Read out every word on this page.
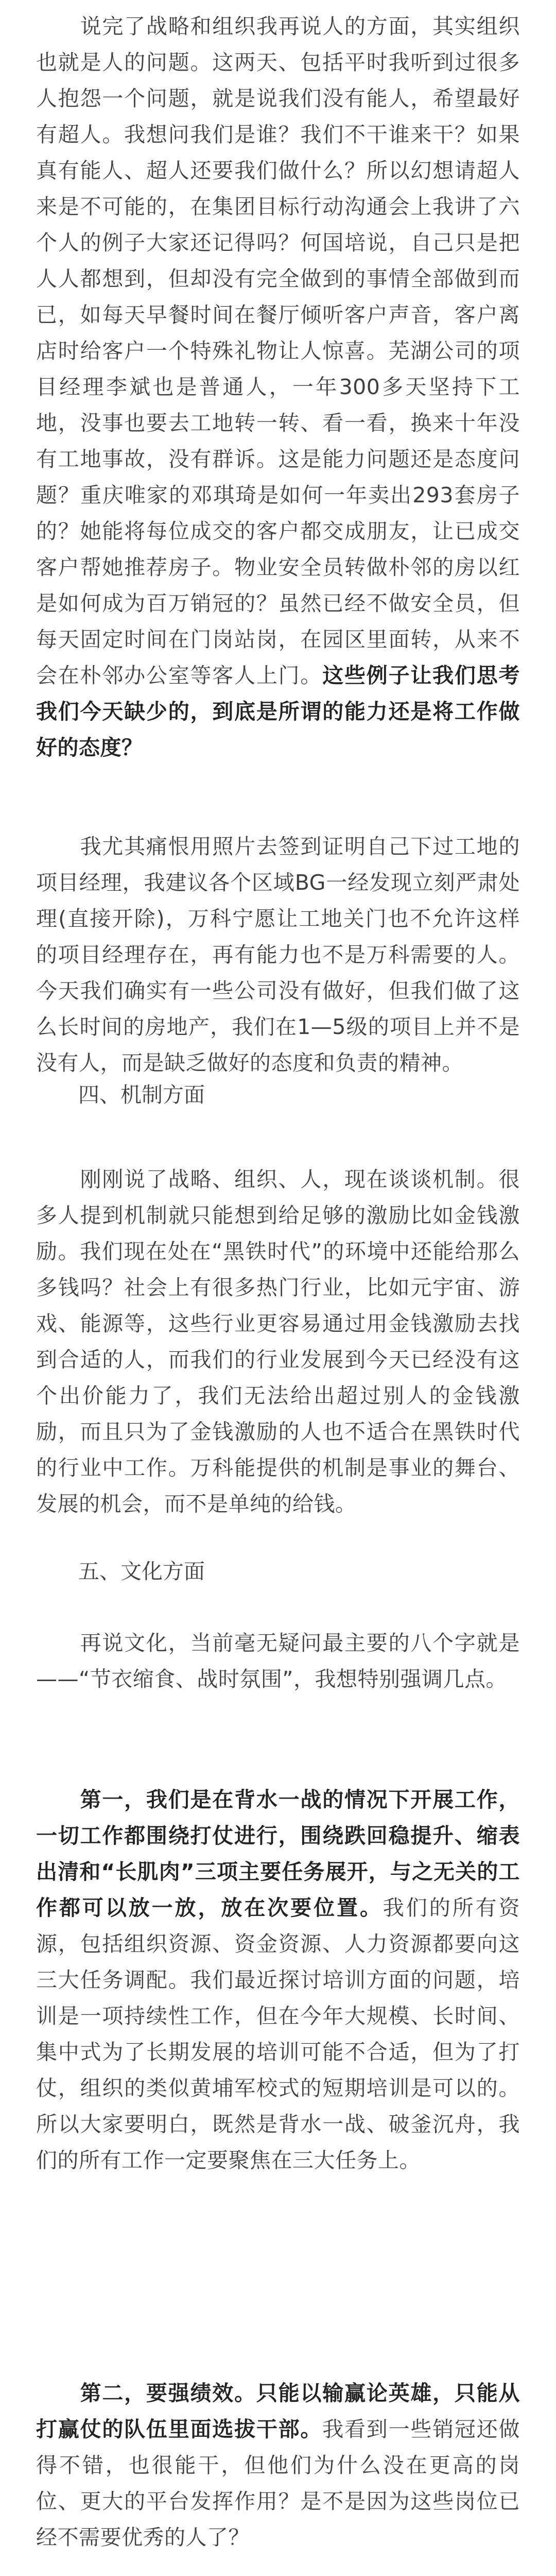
　　说完了战略和组织我再说人的方面，其实组织也就是人的问题。这两天、包括平时我听到过很多人抱怨一个问题，就是说我们没有能人，希望最好有超人。我想问我们是谁？我们不干谁来干？如果真有能人、超人还要我们做什么？所以幻想请超人来是不可能的，在集团目标行动沟通会上我讲了六个人的例子大家还记得吗？何国培说，自己只是把人人都想到，但却没有完全做到的事情全部做到而已，如每天早餐时间在餐厅倾听客户声音，客户离店时给客户一个特殊礼物让人惊喜。芜湖公司的项目经理李斌也是普通人，一年300多天坚持下工地，没事也要去工地转一转、看一看，换来十年没有工地事故，没有群诉。这是能力问题还是态度问题？重庆唯家的邓琪琦是如何一年卖出293套房子的？她能将每位成交的客户都交成朋友，让已成交客户帮她推荐房子。物业安全员转做朴邻的房以红是如何成为百万销冠的？虽然已经不做安全员，但每天固定时间在门岗站岗，在园区里面转，从来不会在朴邻办公室等客人上门。这些例子让我们思考我们今天缺少的，到底是所谓的能力还是将工作做好的态度？

　　我尤其痛恨用照片去签到证明自己下过工地的项目经理，我建议各个区域BG一经发现立刻严肃处理(直接开除)，万科宁愿让工地关门也不允许这样的项目经理存在，再有能力也不是万科需要的人。今天我们确实有一些公司没有做好，但我们做了这么长时间的房地产，我们在1—5级的项目上并不是没有人，而是缺乏做好的态度和负责的精神。

　　四、机制方面

　　刚刚说了战略、组织、人，现在谈谈机制。很多人提到机制就只能想到给足够的激励比如金钱激励。我们现在处在“黑铁时代”的环境中还能给那么多钱吗？社会上有很多热门行业，比如元宇宙、游戏、能源等，这些行业更容易通过用金钱激励去找到合适的人，而我们的行业发展到今天已经没有这个出价能力了，我们无法给出超过别人的金钱激励，而且只为了金钱激励的人也不适合在黑铁时代的行业中工作。万科能提供的机制是事业的舞台、发展的机会，而不是单纯的给钱。

　　五、文化方面

　　再说文化，当前毫无疑问最主要的八个字就是——“节衣缩食、战时氛围”，我想特别强调几点。

　　第一，我们是在背水一战的情况下开展工作，一切工作都围绕打仗进行，围绕跌回稳提升、缩表出清和“长肌肉”三项主要任务展开，与之无关的工作都可以放一放，放在次要位置。我们的所有资源，包括组织资源、资金资源、人力资源都要向这三大任务调配。我们最近探讨培训方面的问题，培训是一项持续性工作，但在今年大规模、长时间、集中式为了长期发展的培训可能不合适，但为了打仗，组织的类似黄埔军校式的短期培训是可以的。所以大家要明白，既然是背水一战、破釜沉舟，我们的所有工作一定要聚焦在三大任务上。

　　第二，要强绩效。只能以输赢论英雄，只能从打赢仗的队伍里面选拔干部。我看到一些销冠还做得不错，也很能干，但他们为什么没在更高的岗位、更大的平台发挥作用？是不是因为这些岗位已经不需要优秀的人了？
